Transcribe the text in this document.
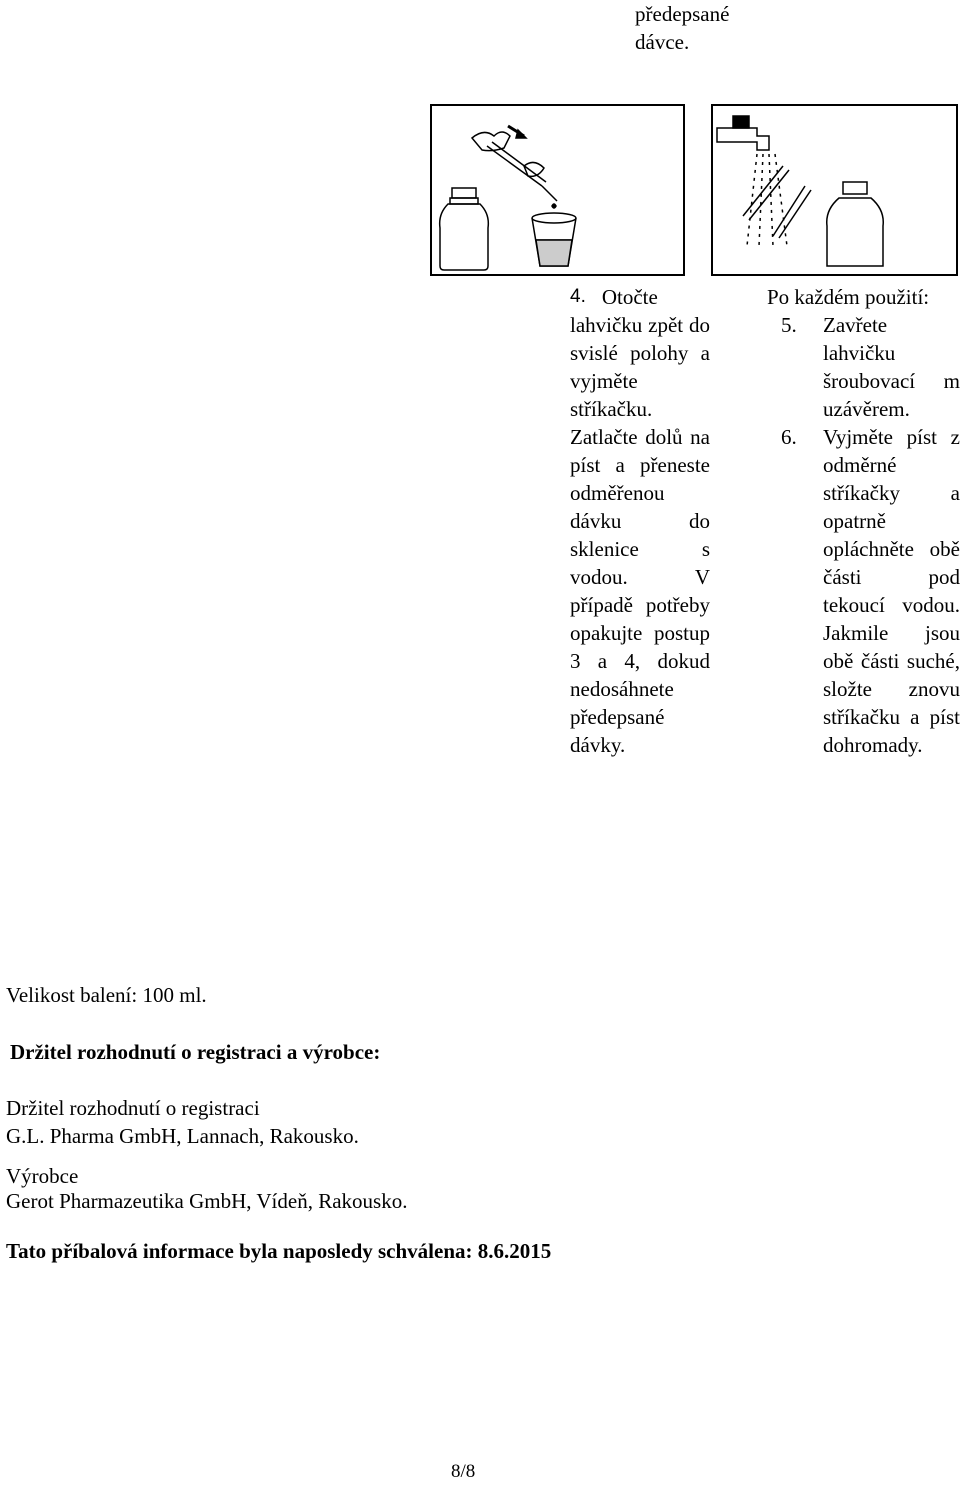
předepsané
dávce.
4. Otočte
lahvičku zpět do svislé polohy a vyjměte stříkačku. Zatlačte dolů na píst a přeneste odměřenou dávku do sklenice s vodou. V případě potřeby opakujte postup 3 a 4, dokud nedosáhnete předepsané dávky.
Po každém použití:
5.	Zavřete lahvičku šroubovací m uzávěrem.
6.	Vyjměte píst z odměrné stříkačky a opatrně opláchněte obě části pod tekoucí vodou. Jakmile jsou obě části suché, složte znovu stříkačku a píst dohromady.
Velikost balení: 100 ml.
Držitel rozhodnutí o registraci a výrobce:
Držitel rozhodnutí o registraci
G.L. Pharma GmbH, Lannach, Rakousko.
Výrobce
Gerot Pharmazeutika GmbH, Vídeň, Rakousko.
Tato příbalová informace byla naposledy schválena: 8.6.2015
8/8
